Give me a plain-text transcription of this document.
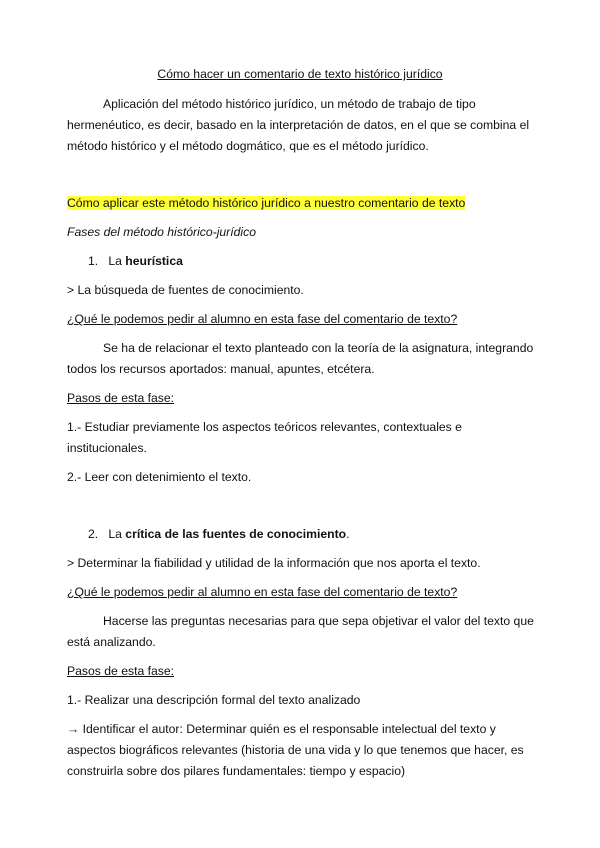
Cómo hacer un comentario de texto histórico jurídico
Aplicación del método histórico jurídico, un método de trabajo de tipo
hermenéutico, es decir, basado en la interpretación de datos, en el que se combina el
método histórico y el método dogmático, que es el método jurídico.
Cómo aplicar este método histórico jurídico a nuestro comentario de texto
Fases del método histórico-jurídico
1. La heurística
> La búsqueda de fuentes de conocimiento.
¿Qué le podemos pedir al alumno en esta fase del comentario de texto?
Se ha de relacionar el texto planteado con la teoría de la asignatura, integrando
todos los recursos aportados: manual, apuntes, etcétera.
Pasos de esta fase:
1.- Estudiar previamente los aspectos teóricos relevantes, contextuales e
institucionales.
2.- Leer con detenimiento el texto.
2. La crítica de las fuentes de conocimiento.
> Determinar la fiabilidad y utilidad de la información que nos aporta el texto.
¿Qué le podemos pedir al alumno en esta fase del comentario de texto?
Hacerse las preguntas necesarias para que sepa objetivar el valor del texto que
está analizando.
Pasos de esta fase:
1.- Realizar una descripción formal del texto analizado
→ Identificar el autor: Determinar quién es el responsable intelectual del texto y
aspectos biográficos relevantes (historia de una vida y lo que tenemos que hacer, es
construirla sobre dos pilares fundamentales: tiempo y espacio)
